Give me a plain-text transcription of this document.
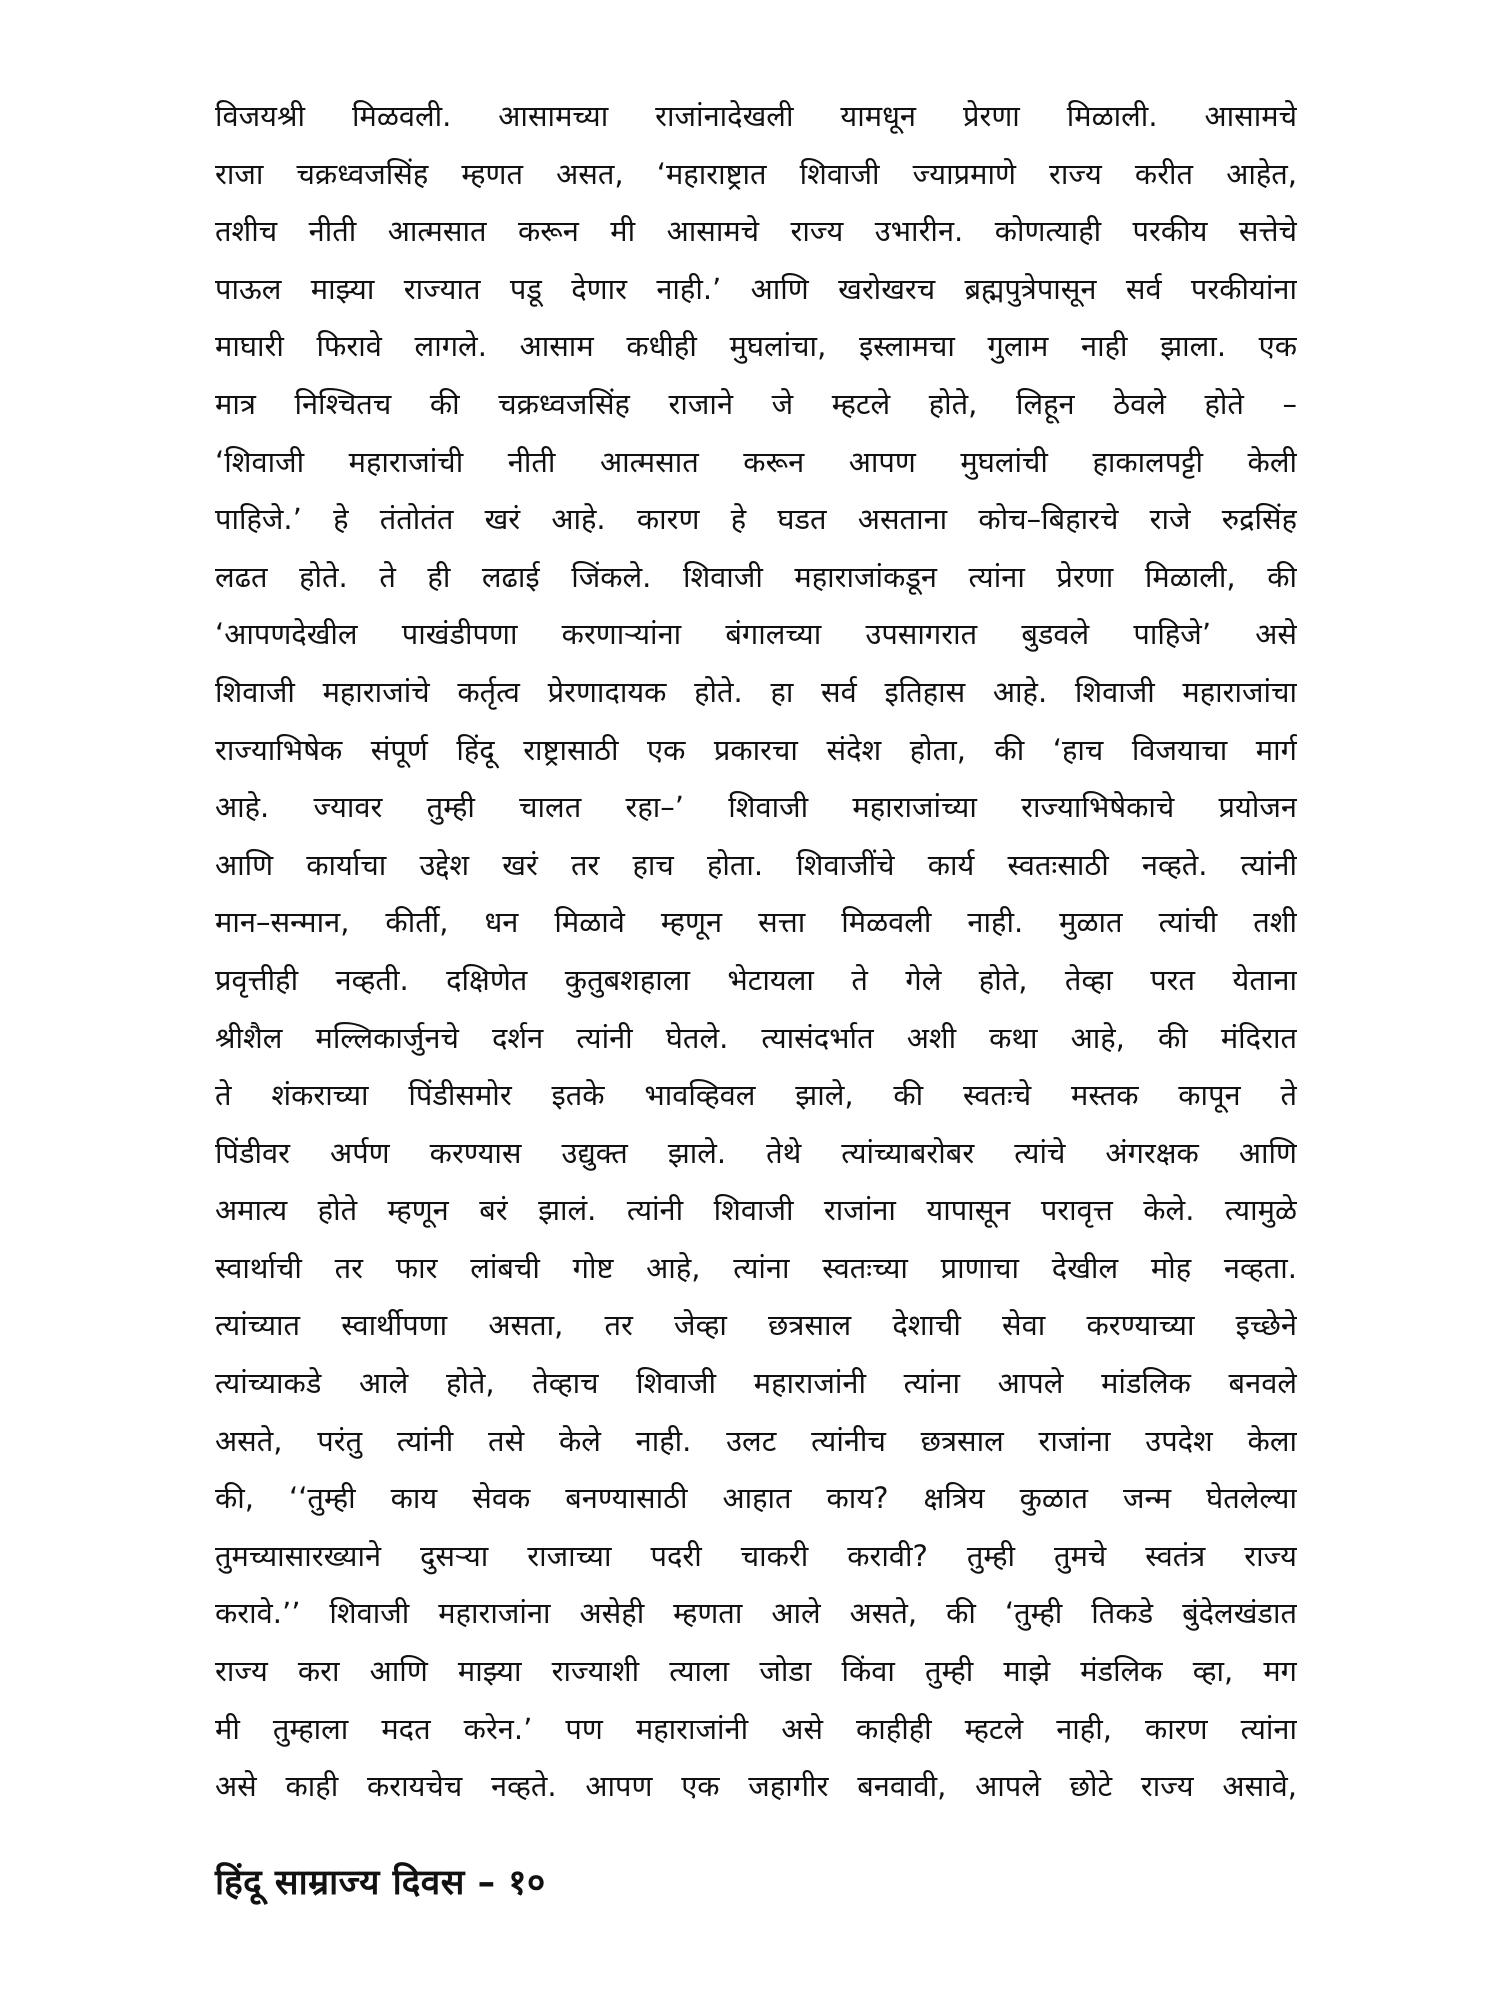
विजयश्री मिळवली. आसामच्या राजांनादेखली यामधून प्रेरणा मिळाली. आसामचे
राजा चक्रध्वजसिंह म्हणत असत, ‘महाराष्ट्रात शिवाजी ज्याप्रमाणे राज्य करीत आहेत,
तशीच नीती आत्मसात करून मी आसामचे राज्य उभारीन. कोणत्याही परकीय सत्तेचे
पाऊल माझ्या राज्यात पडू देणार नाही.’ आणि खरोखरच ब्रह्मपुत्रेपासून सर्व परकीयांना
माघारी फिरावे लागले. आसाम कधीही मुघलांचा, इस्लामचा गुलाम नाही झाला. एक
मात्र निश्चितच की चक्रध्वजसिंह राजाने जे म्हटले होते, लिहून ठेवले होते –
‘शिवाजी महाराजांची नीती आत्मसात करून आपण मुघलांची हाकालपट्टी केली
पाहिजे.’ हे तंतोतंत खरं आहे. कारण हे घडत असताना कोच–बिहारचे राजे रुद्रसिंह
लढत होते. ते ही लढाई जिंकले. शिवाजी महाराजांकडून त्यांना प्रेरणा मिळाली, की
‘आपणदेखील पाखंडीपणा करणाऱ्यांना बंगालच्या उपसागरात बुडवले पाहिजे’ असे
शिवाजी महाराजांचे कर्तृत्व प्रेरणादायक होते. हा सर्व इतिहास आहे. शिवाजी महाराजांचा
राज्याभिषेक संपूर्ण हिंदू राष्ट्रासाठी एक प्रकारचा संदेश होता, की ‘हाच विजयाचा मार्ग
आहे. ज्यावर तुम्ही चालत रहा–’ शिवाजी महाराजांच्या राज्याभिषेकाचे प्रयोजन
आणि कार्याचा उद्देश खरं तर हाच होता. शिवाजींचे कार्य स्वतःसाठी नव्हते. त्यांनी
मान–सन्मान, कीर्ती, धन मिळावे म्हणून सत्ता मिळवली नाही. मुळात त्यांची तशी
प्रवृत्तीही नव्हती. दक्षिणेत कुतुबशहाला भेटायला ते गेले होते, तेव्हा परत येताना
श्रीशैल मल्लिकार्जुनचे दर्शन त्यांनी घेतले. त्यासंदर्भात अशी कथा आहे, की मंदिरात
ते शंकराच्या पिंडीसमोर इतके भावव्हिवल झाले, की स्वतःचे मस्तक कापून ते
पिंडीवर अर्पण करण्यास उद्युक्त झाले. तेथे त्यांच्याबरोबर त्यांचे अंगरक्षक आणि
अमात्य होते म्हणून बरं झालं. त्यांनी शिवाजी राजांना यापासून परावृत्त केले. त्यामुळे
स्वार्थाची तर फार लांबची गोष्ट आहे, त्यांना स्वतःच्या प्राणाचा देखील मोह नव्हता.
त्यांच्यात स्वार्थीपणा असता, तर जेव्हा छत्रसाल देशाची सेवा करण्याच्या इच्छेने
त्यांच्याकडे आले होते, तेव्हाच शिवाजी महाराजांनी त्यांना आपले मांडलिक बनवले
असते, परंतु त्यांनी तसे केले नाही. उलट त्यांनीच छत्रसाल राजांना उपदेश केला
की, ‘‘तुम्ही काय सेवक बनण्यासाठी आहात काय? क्षत्रिय कुळात जन्म घेतलेल्या
तुमच्यासारख्याने दुसऱ्या राजाच्या पदरी चाकरी करावी? तुम्ही तुमचे स्वतंत्र राज्य
करावे.’’ शिवाजी महाराजांना असेही म्हणता आले असते, की ‘तुम्ही तिकडे बुंदेलखंडात
राज्य करा आणि माझ्या राज्याशी त्याला जोडा किंवा तुम्ही माझे मंडलिक व्हा, मग
मी तुम्हाला मदत करेन.’ पण महाराजांनी असे काहीही म्हटले नाही, कारण त्यांना
असे काही करायचेच नव्हते. आपण एक जहागीर बनवावी, आपले छोटे राज्य असावे,
हिंदू साम्राज्य दिवस – १०
